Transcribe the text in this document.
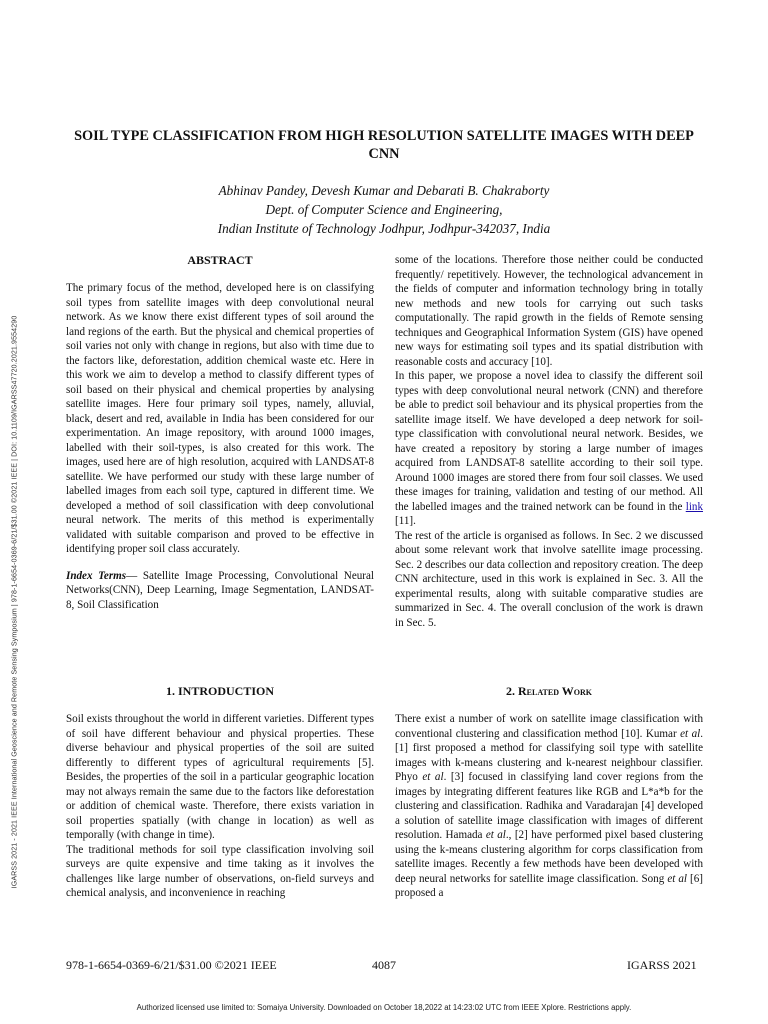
IGARSS 2021 - 2021 IEEE International Geoscience and Remote Sensing Symposium | 978-1-6654-0369-6/21/$31.00 ©2021 IEEE | DOI: 10.1109/IGARSS47720.2021.9554290
SOIL TYPE CLASSIFICATION FROM HIGH RESOLUTION SATELLITE IMAGES WITH DEEP CNN
Abhinav Pandey, Devesh Kumar and Debarati B. Chakraborty
Dept. of Computer Science and Engineering,
Indian Institute of Technology Jodhpur, Jodhpur-342037, India
ABSTRACT

The primary focus of the method, developed here is on classifying soil types from satellite images with deep convolutional neural network. As we know there exist different types of soil around the land regions of the earth. But the physical and chemical properties of soil varies not only with change in regions, but also with time due to the factors like, deforestation, addition chemical waste etc. Here in this work we aim to develop a method to classify different types of soil based on their physical and chemical properties by analysing satellite images. Here four primary soil types, namely, alluvial, black, desert and red, available in India has been considered for our experimentation. An image repository, with around 1000 images, labelled with their soil-types, is also created for this work. The images, used here are of high resolution, acquired with LANDSAT-8 satellite. We have performed our study with these large number of labelled images from each soil type, captured in different time. We developed a method of soil classification with deep convolutional neural network. The merits of this method is experimentally validated with suitable comparison and proved to be effective in identifying proper soil class accurately.

Index Terms— Satellite Image Processing, Convolutional Neural Networks(CNN), Deep Learning, Image Segmentation, LANDSAT-8, Soil Classification

1. INTRODUCTION

Soil exists throughout the world in different varieties. Different types of soil have different behaviour and physical properties. These diverse behaviour and physical properties of the soil are suited differently to different types of agricultural requirements [5]. Besides, the properties of the soil in a particular geographic location may not always remain the same due to the factors like deforestation or addition of chemical waste. Therefore, there exists variation in soil properties spatially (with change in location) as well as temporally (with change in time).

The traditional methods for soil type classification involving soil surveys are quite expensive and time taking as it involves the challenges like large number of observations, on-field surveys and chemical analysis, and inconvenience in reaching

some of the locations. Therefore those neither could be conducted frequently/ repetitively. However, the technological advancement in the fields of computer and information technology bring in totally new methods and new tools for carrying out such tasks computationally. The rapid growth in the fields of Remote sensing techniques and Geographical Information System (GIS) have opened new ways for estimating soil types and its spatial distribution with reasonable costs and accuracy [10].

In this paper, we propose a novel idea to classify the different soil types with deep convolutional neural network (CNN) and therefore be able to predict soil behaviour and its physical properties from the satellite image itself. We have developed a deep network for soil-type classification with convolutional neural network. Besides, we have created a repository by storing a large number of images acquired from LANDSAT-8 satellite according to their soil type. Around 1000 images are stored there from four soil classes. We used these images for training, validation and testing of our method. All the labelled images and the trained network can be found in the link [11].

The rest of the article is organised as follows. In Sec. 2 we discussed about some relevant work that involve satellite image processing. Sec. 2 describes our data collection and repository creation. The deep CNN architecture, used in this work is explained in Sec. 3. All the experimental results, along with suitable comparative studies are summarized in Sec. 4. The overall conclusion of the work is drawn in Sec. 5.

2. Related Work

There exist a number of work on satellite image classification with conventional clustering and classification method [10]. Kumar et al. [1] first proposed a method for classifying soil type with satellite images with k-means clustering and k-nearest neighbour classifier. Phyo et al. [3] focused in classifying land cover regions from the images by integrating different features like RGB and L*a*b for the clustering and classification. Radhika and Varadarajan [4] developed a solution of satellite image classification with images of different resolution. Hamada et al., [2] have performed pixel based clustering using the k-means clustering algorithm for corps classification from satellite images. Recently a few methods have been developed with deep neural networks for satellite image classification. Song et al [6] proposed a

978-1-6654-0369-6/21/$31.00 ©2021 IEEE	4087	IGARSS 2021
Authorized licensed use limited to: Somaiya University. Downloaded on October 18,2022 at 14:23:02 UTC from IEEE Xplore. Restrictions apply.
